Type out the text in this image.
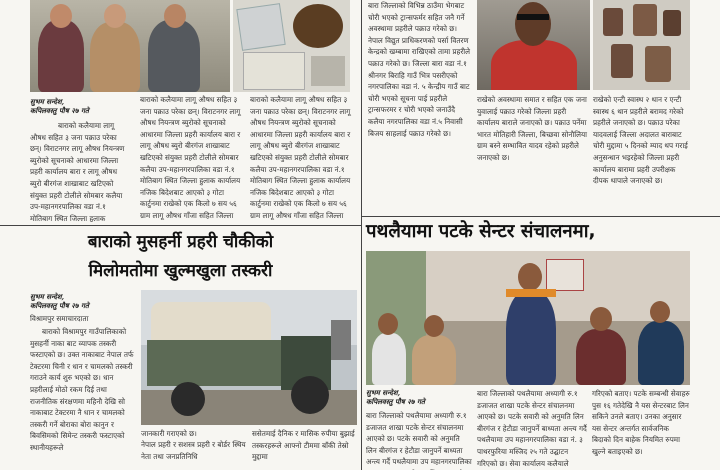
सुभम सन्देश,
कपिलवस्तु पौष २७ गते
बाराको कलैयामा लागू औषध सहित ३ जना पक्राउ परेका छन्। विराटनगर लागू औषध नियन्त्रण ब्युरोको सूचनाको आधारमा जिल्ला प्रहरी कार्यालय बारा र लागू औषध ब्युरो बीरगंज शाखाबाट खटिएको संयुक्त प्रहरी टोलीले सोमबार कलैया उप-महानगरपालिका वडा नं.१ मोतिबाग स्थित जिल्ला हुलाक
बाराको कलैयामा लागू औषध सहित ३ जना पक्राउ परेका छन्। विराटनगर लागू औषध नियन्त्रण ब्युरोको सूचनाको आधारमा जिल्ला प्रहरी कार्यालय बारा र लागू औषध ब्युरो बीरगंज शाखाबाट खटिएको संयुक्त प्रहरी टोलीले सोमबार कलैया उप-महानगरपालिका वडा नं.१ मोतिबाग स्थित जिल्ला हुलाक कार्यालय नजिक बिदेशबाट आएको ३ गोटा कार्टुनमा राखेको एक किलो ७ सय ५६ ग्राम लागू औषध गाँजा सहित जिल्ला
बाराको कलैयामा लागू औषध सहित ३ जना पक्राउ परेका छन्। विराटनगर लागू औषध नियन्त्रण ब्युरोको सूचनाको आधारमा जिल्ला प्रहरी कार्यालय बारा र लागू औषध ब्युरो बीरगंज शाखाबाट खटिएको संयुक्त प्रहरी टोलीले सोमबार कलैया उप-महानगरपालिका वडा नं.१ मोतिबाग स्थित जिल्ला हुलाक कार्यालय नजिक बिदेशबाट आएको ३ गोटा कार्टुनमा राखेको एक किलो ७ सय ५६ ग्राम लागू औषध गाँजा सहित जिल्ला
बारा जिल्लाको विभिन्न ठाउँमा भेगबाट चोरी भएको ट्रान्सफर्मर सहित जनै गर्ने अवस्थामा प्रहरीले पक्राउ गरेको छ। नेपाल विद्युत प्राधिकरणको पर्सा वितरण केन्द्रको खम्बामा राखिएको तामा प्रहरीले पक्राउ गरेको छ। जिल्ला बारा वडा नं.१ श्रीनगर बिराहि गाउँ भित्र पसरीएको नगरपालिका वडा नं. ५ केन्द्रीय गाउँ बाट चोरी भएको सूचना पाई प्रहरीले ट्रान्सफरमर र चोरी भएको जनाउँदै कलैया नगरपालिका वडा नं.५ निवासी बिजय साहलाई पक्राउ गरेको छ।
राखेको अवस्थामा समात र सहित एक जना युवालाई पक्राउ गरेको जिल्ला प्रहरी कार्यालय बाराले जनाएको छ। पक्राउ पर्नेमा भारत मोतिहारी जिल्ला, बिच्छवा सोनौलिया ग्राम बस्ने सम्भावित यादव रहेको प्रहरीले जनाएको छ।
राखेको एन्टी स्वास्थ २ थान र एन्टी स्वास्थ ६ थान प्रहरीले बरामद गरेको प्रहरीले जनाएको छ। पक्राउ परेका यादवलाई जिल्ला अदालत बाराबाट चोरी मुद्दामा ५ दिनको म्याद थप गराई अनुसन्धान भइरहेको जिल्ला प्रहरी कार्यालय बारामा प्रहरी उपरीक्षक दीपक थापाले जनाएको छ।
बाराको मुसहर्नी प्रहरी चौकीको
मिलोमतोमा खुल्मखुला तस्करी
सुभम सन्देश,
कपिलवस्तु पौष २७ गते
विश्रामपुर समाचारदाता
बाराको विश्रामपुर गाउँपालिकाको मुसहर्नी नाका बाट व्यापक तस्करी फस्टाएको छ। उक्त नाकाबाट नेपाल तर्फ टेक्टरमा चिनी र धान र चामलको तस्करी गराउने कार्य शुरु भएको छ। धान प्रहरीलाई मोठो रकम दिई तथा राजनीतिक संरक्षणमा महिनौ देखि सो नाकाबाट टेक्टरमा नै धान र चामलको तस्करी गर्ने बोराका बोरा कानुन र बिवसिमको सिमेन्ट तस्करी फस्टाएको स्थानीयहरूले
जानकारी गराएको छ।
नेपाल प्रहरी र सशस्त्र प्रहरी र बोर्डर स्थिय नेता तथा जनप्रतिनिधि
ससेतमाई दैनिक र मासिक रुपीया बुझाई तस्करहरूले आफ्नो टीममा बाँकी तेस्रो मुद्दामा
पथलैयामा पटके सेन्टर संचालनमा,
सुभम सन्देश,
कपिलवस्तु पौष २७ गते
बारा जिल्लाको पथलैयामा अध्यागी रु.१ डजाजत शाखा पटके सेन्टर संचालनमा आएको छ। पटके सवारी को अनुमति लिन बीरगंज र हेटौडा जानुपर्ने बाध्यता अन्त्य गर्दै पथलैयामा उप महानगरपालिका
बारा जिल्लाको पथलैयामा अध्यागी रु.१ डजाजत शाखा पटके सेन्टर संचालनमा आएको छ। पटके सवारी को अनुमति लिन बीरगंज र हेटौडा जानुपर्ने बाध्यता अन्त्य गर्दै पथलैयामा उप महानगरपालिका वडा नं. ३ पाथरफुरिया मस्जिद २५ गते उद्घाटन गरिएको छ। सेवा कार्यालय कलैयाले
गरिएको बताए। पटके सम्बन्धी सेवाहरु पुस १६ गतेदेखि नै यस सेन्टरबाट लिन सकिने उनले बताए। उनका अनुसार यस सेन्टर अन्तर्गत सार्वजनिक बिदाको दिन बाहेक नियमित रुपमा खुल्ने बताइएको छ।
